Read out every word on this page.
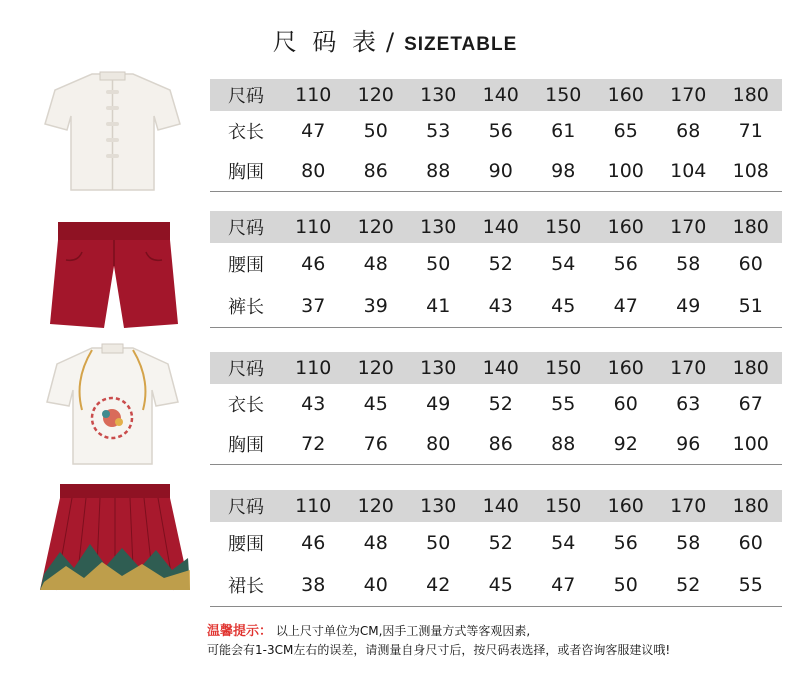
尺 码 表 / SIZETABLE
尺码	110	120	130	140	150	160	170	180
衣长	47	50	53	56	61	65	68	71
胸围	80	86	88	90	98	100	104	108
尺码	110	120	130	140	150	160	170	180
腰围	46	48	50	52	54	56	58	60
裤长	37	39	41	43	45	47	49	51
尺码	110	120	130	140	150	160	170	180
衣长	43	45	49	52	55	60	63	67
胸围	72	76	80	86	88	92	96	100
尺码	110	120	130	140	150	160	170	180
腰围	46	48	50	52	54	56	58	60
裙长	38	40	42	45	47	50	52	55
温馨提示： 以上尺寸单位为CM,因手工测量方式等客观因素,
可能会有1-3CM左右的误差，请测量自身尺寸后，按尺码表选择，或者咨询客服建议哦!
